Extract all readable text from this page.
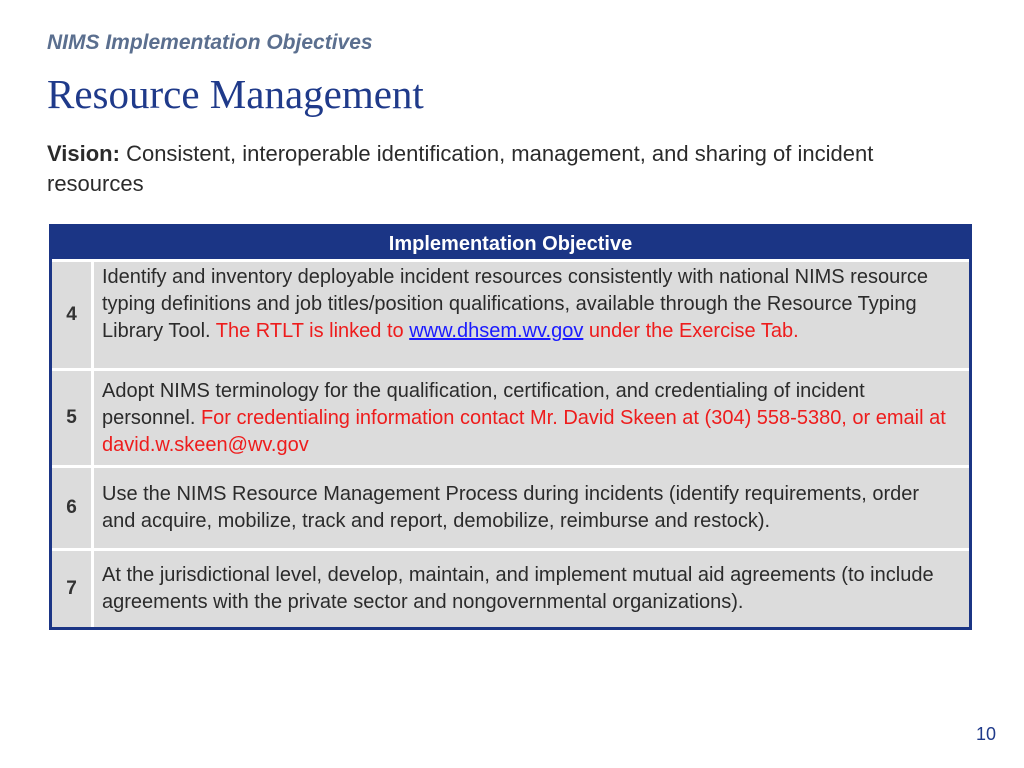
NIMS Implementation Objectives
Resource Management
Vision: Consistent, interoperable identification, management, and sharing of incident resources
Implementation Objective
4
Identify and inventory deployable incident resources consistently with national NIMS resource typing definitions and job titles/position qualifications, available through the Resource Typing Library Tool. The RTLT is linked to www.dhsem.wv.gov under the Exercise Tab.
5
Adopt NIMS terminology for the qualification, certification, and credentialing of incident personnel. For credentialing information contact Mr. David Skeen at (304) 558-5380, or email at david.w.skeen@wv.gov
6
Use the NIMS Resource Management Process during incidents (identify requirements, order and acquire, mobilize, track and report, demobilize, reimburse and restock).
7
At the jurisdictional level, develop, maintain, and implement mutual aid agreements (to include agreements with the private sector and nongovernmental organizations).
10
